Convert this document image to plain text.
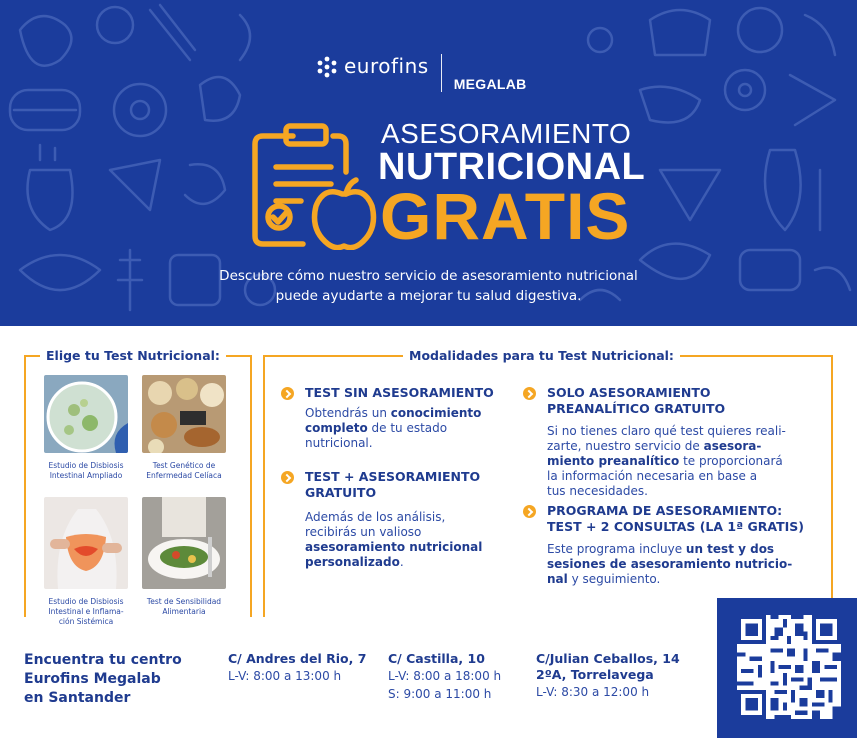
eurofins
MEGALAB
ASESORAMIENTO
NUTRICIONAL
GRATIS
Descubre cómo nuestro servicio de asesoramiento nutricional
puede ayudarte a mejorar tu salud digestiva.
Elige tu Test Nutricional:
Estudio de Disbiosis
Intestinal Ampliado
Test Genético de
Enfermedad Celíaca
Estudio de Disbiosis
Intestinal e Inflama-
ción Sistémica
Test de Sensibilidad
Alimentaria
Modalidades para tu Test Nutricional:
TEST SIN ASESORAMIENTO
Obtendrás un conocimiento
completo de tu estado
nutricional.
TEST + ASESORAMIENTO
GRATUITO
Además de los análisis,
recibirás un valioso
asesoramiento nutricional
personalizado.
SOLO ASESORAMIENTO
PREANALÍTICO GRATUITO
Si no tienes claro qué test quieres reali-
zarte, nuestro servicio de asesora-
miento preanalítico te proporcionará
la información necesaria en base a
tus necesidades.
PROGRAMA DE ASESORAMIENTO:
TEST + 2 CONSULTAS (LA 1ª GRATIS)
Este programa incluye un test y dos
sesiones de asesoramiento nutricio-
nal y seguimiento.
Encuentra tu centro
Eurofins Megalab
en Santander
C/ Andres del Rio, 7
L-V: 8:00 a 13:00 h
C/ Castilla, 10
L-V: 8:00 a 18:00 h
S: 9:00 a 11:00 h
C/Julian Ceballos, 14
2ºA, Torrelavega
L-V: 8:30 a 12:00 h
